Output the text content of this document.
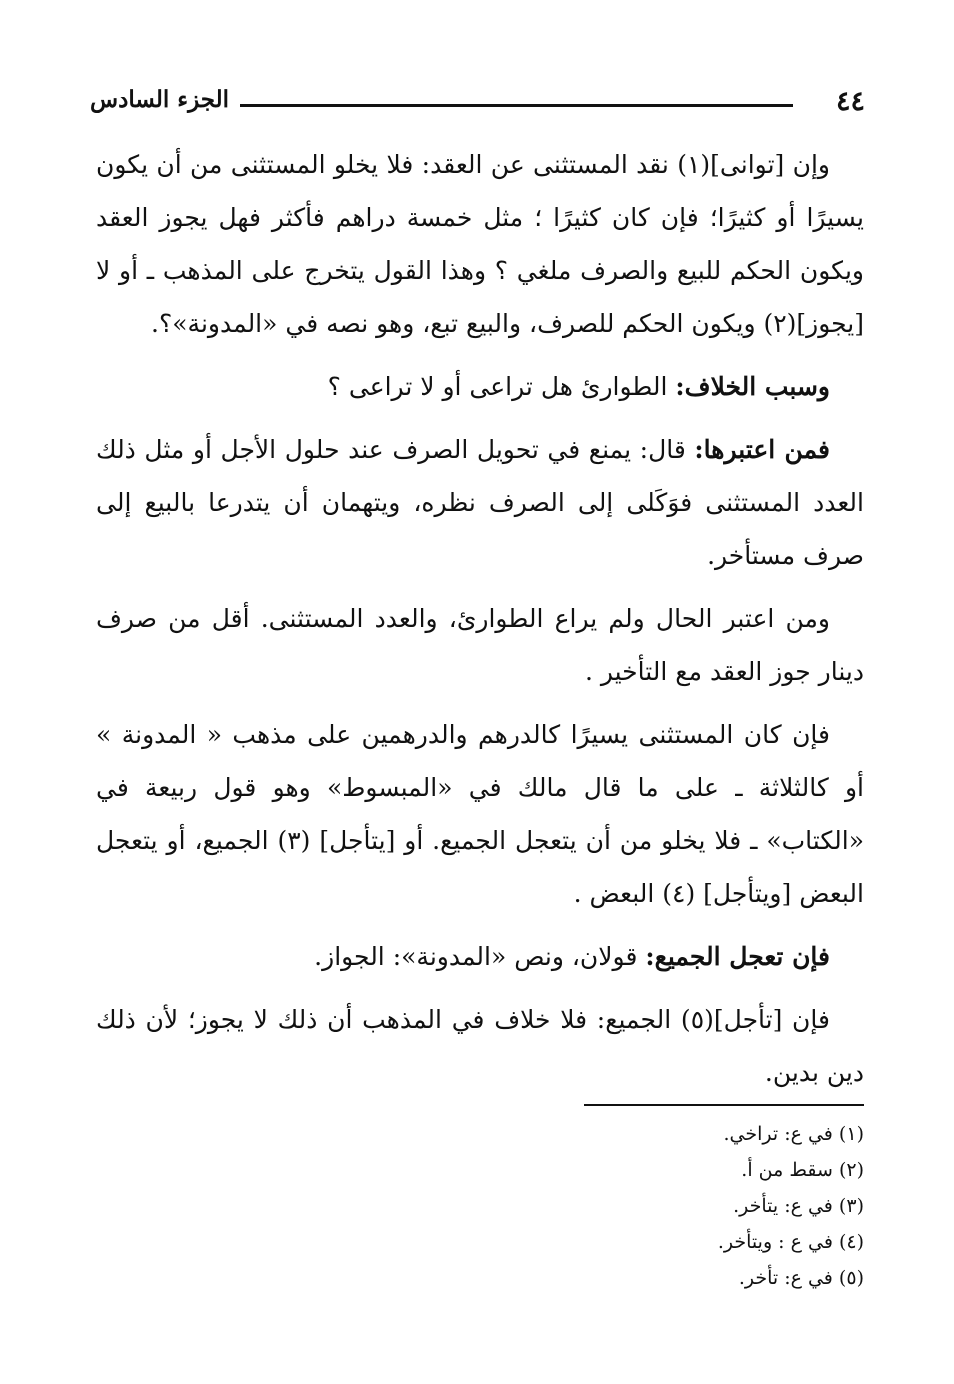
٤٤
الجزء السادس

وإن [توانى](١) نقد المستثنى عن العقد: فلا يخلو المستثنى من أن يكون يسيرًا أو كثيرًا؛ فإن كان كثيرًا ؛ مثل خمسة دراهم فأكثر فهل يجوز العقد ويكون الحكم للبيع والصرف ملغي ؟ وهذا القول يتخرج على المذهب ـ أو لا [يجوز](٢) ويكون الحكم للصرف، والبيع تبع، وهو نصه في «المدونة»؟.

وسبب الخلاف: الطوارئ هل تراعى أو لا تراعى ؟

فمن اعتبرها: قال: يمنع في تحويل الصرف عند حلول الأجل أو مثل ذلك العدد المستثنى فوَكَلى إلى الصرف نظره، ويتهمان أن يتدرعا بالبيع إلى صرف مستأخر.

ومن اعتبر الحال ولم يراع الطوارئ، والعدد المستثنى. أقل من صرف دينار جوز العقد مع التأخير .

فإن كان المستثنى يسيرًا كالدرهم والدرهمين على مذهب « المدونة » أو كالثلاثة ـ على ما قال مالك في «المبسوط» وهو قول ربيعة في «الكتاب» ـ فلا يخلو من أن يتعجل الجميع. أو [يتأجل] (٣) الجميع، أو يتعجل البعض [ويتأجل] (٤) البعض .

فإن تعجل الجميع: قولان، ونص «المدونة»: الجواز.

فإن [تأجل](٥) الجميع: فلا خلاف في المذهب أن ذلك لا يجوز؛ لأن ذلك دين بدين.

(١) في ع: تراخي.
(٢) سقط من أ.
(٣) في ع: يتأخر.
(٤) في ع : ويتأخر.
(٥) في ع: تأخر.
